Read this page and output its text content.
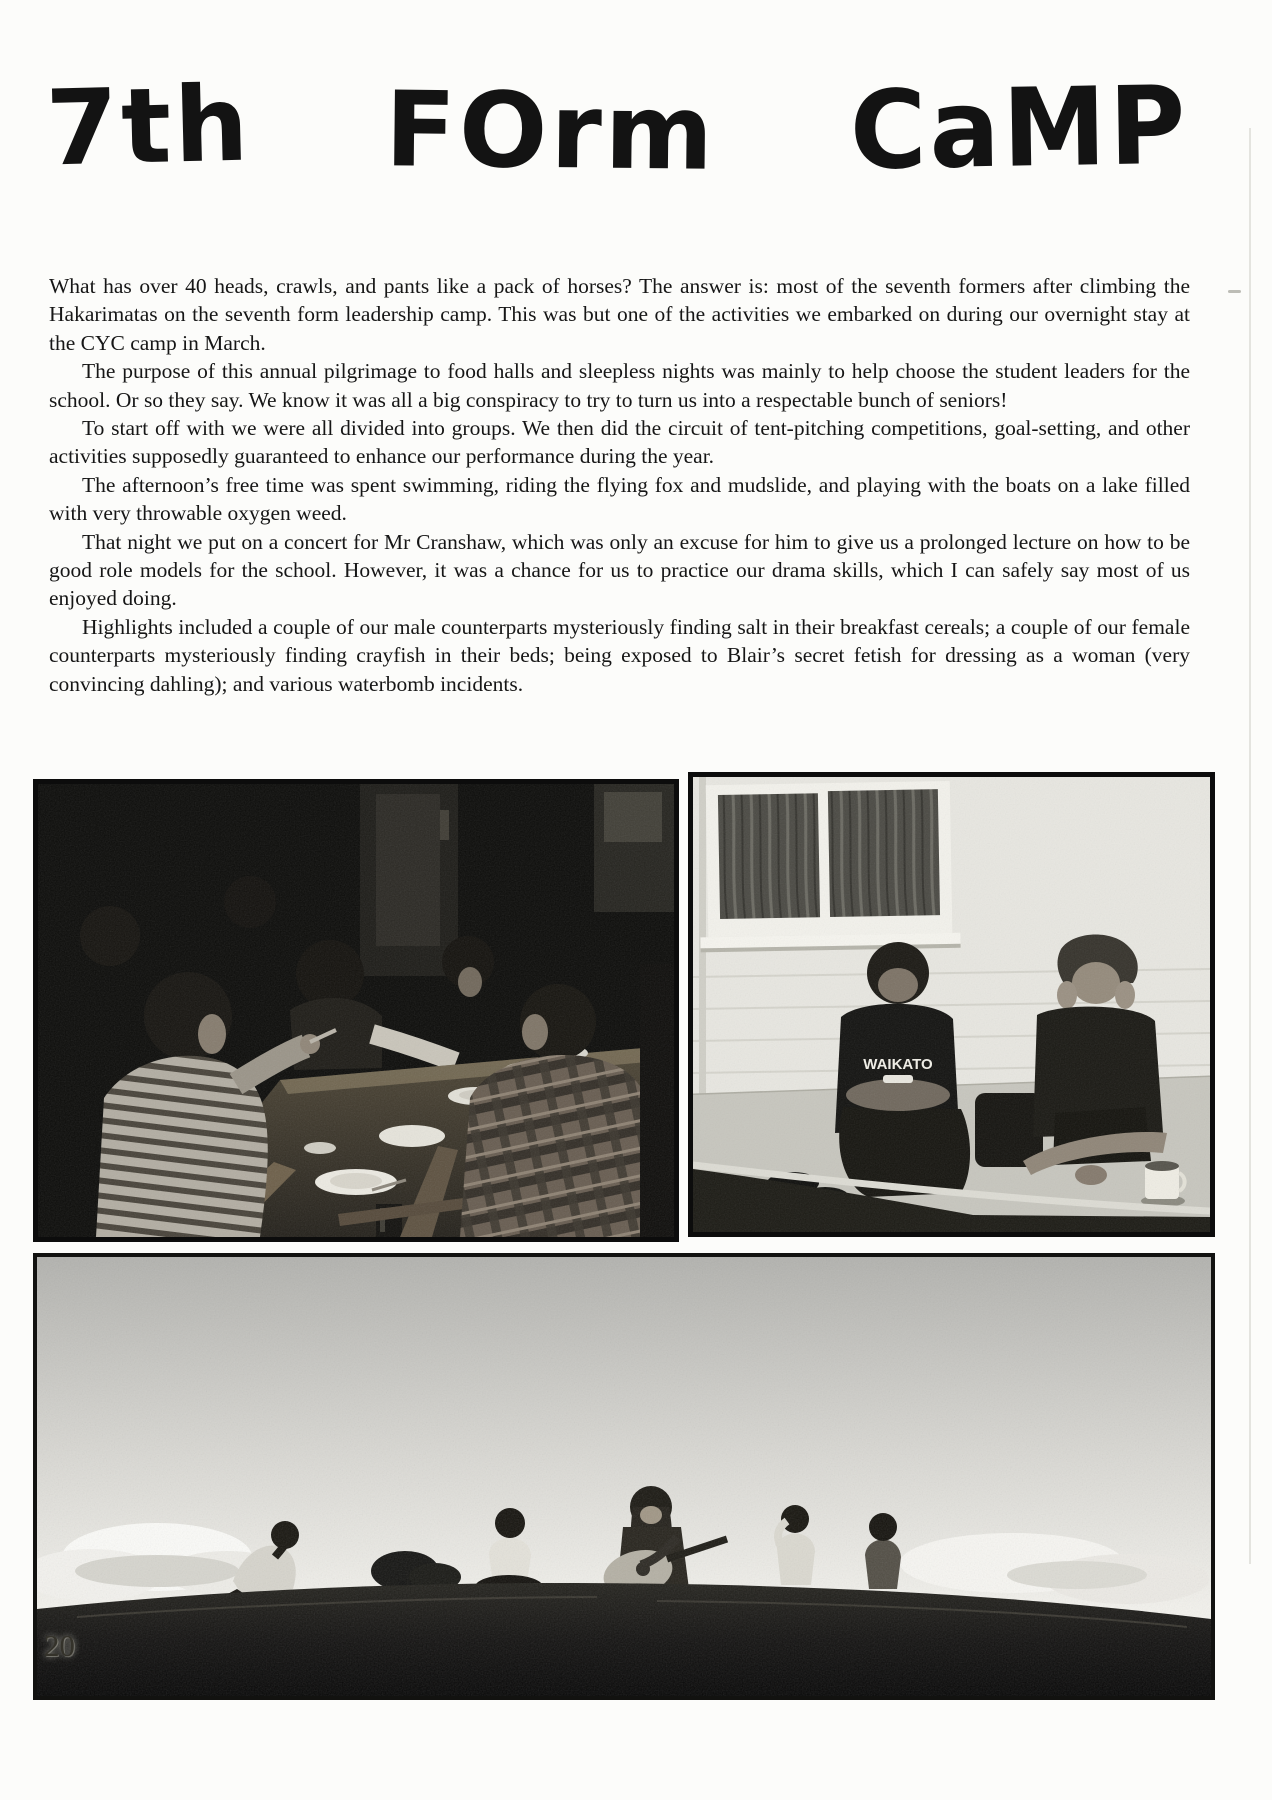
7th FOrm CaMP

What has over 40 heads, crawls, and pants like a pack of horses? The answer is: most of the seventh formers after climbing the Hakarimatas on the seventh form leadership camp. This was but one of the activities we embarked on during our overnight stay at the CYC camp in March.

The purpose of this annual pilgrimage to food halls and sleepless nights was mainly to help choose the student leaders for the school. Or so they say. We know it was all a big conspiracy to try to turn us into a respectable bunch of seniors!

To start off with we were all divided into groups. We then did the circuit of tent-pitching competitions, goal-setting, and other activities supposedly guaranteed to enhance our performance during the year.

The afternoon’s free time was spent swimming, riding the flying fox and mudslide, and playing with the boats on a lake filled with very throwable oxygen weed.

That night we put on a concert for Mr Cranshaw, which was only an excuse for him to give us a prolonged lecture on how to be good role models for the school. However, it was a chance for us to practice our drama skills, which I can safely say most of us enjoyed doing.

Highlights included a couple of our male counterparts mysteriously finding salt in their breakfast cereals; a couple of our female counterparts mysteriously finding crayfish in their beds; being exposed to Blair’s secret fetish for dressing as a woman (very convincing dahling); and various waterbomb incidents.

WAIKATO
20
